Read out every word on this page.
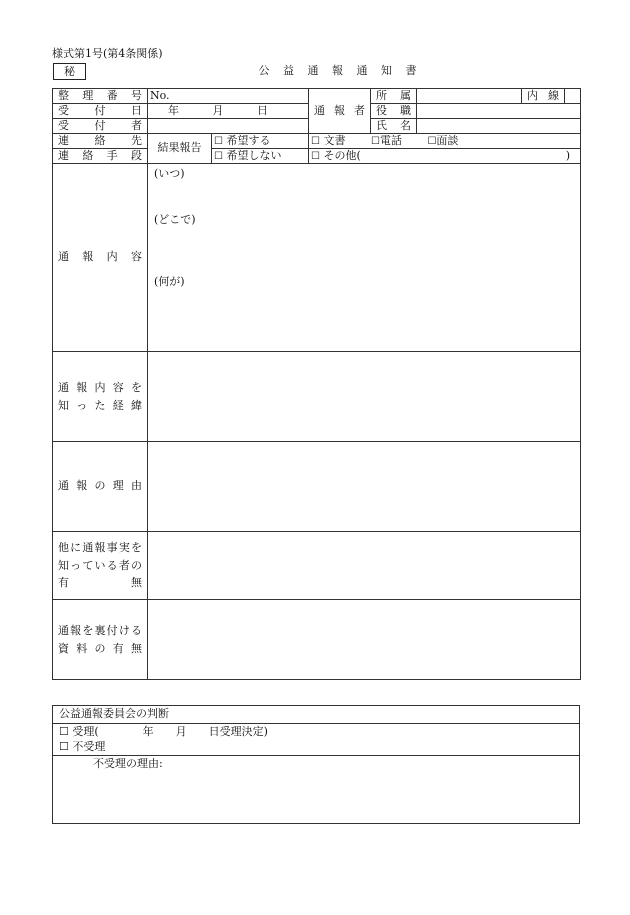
様式第1号(第4条関係)
秘	公 益 通 報 通 知 書
整 理 番 号	No.		通 報 者	所 属		内 線	
受 付 日	年 月 日			役 職			
受 付 者				氏 名			
連 絡 先	結果報告	☐ 希望する	☐ 文書 ☐電話 ☐面談				
連 絡 手 段		☐ 希望しない	☐ その他( )				

通 報 内 容	(いつ)
(どこで)
(何が)						

通報内容を
知った経緯							

通 報 の 理 由							

他に通報事実を
知っている者の
有 無							

通報を裏付ける
資 料 の 有 無							

公益通報委員会の判断

☐ 受理(　　　　年　　月　　日受理決定)
☐ 不受理

不受理の理由:
